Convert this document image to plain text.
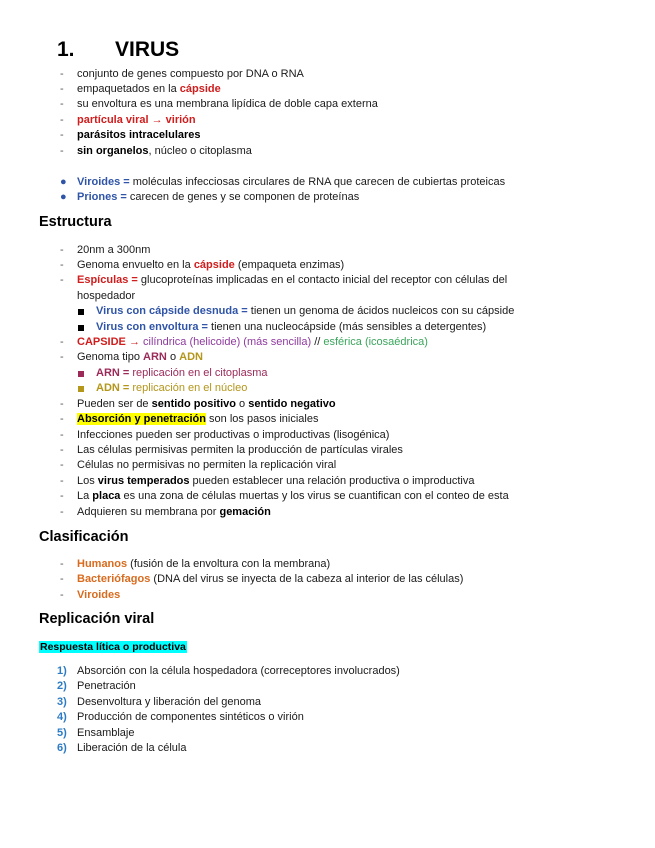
1. VIRUS
- conjunto de genes compuesto por DNA o RNA
- empaquetados en la cápside
- su envoltura es una membrana lipídica de doble capa externa
- partícula viral → virión
- parásitos intracelulares
- sin organelos, núcleo o citoplasma
● Viroides = moléculas infecciosas circulares de RNA que carecen de cubiertas proteicas
● Priones = carecen de genes y se componen de proteínas
Estructura
- 20nm a 300nm
- Genoma envuelto en la cápside (empaqueta enzimas)
- Espículas = glucoproteínas implicadas en el contacto inicial del receptor con células del
hospedador
Virus con cápside desnuda = tienen un genoma de ácidos nucleicos con su cápside
Virus con envoltura = tienen una nucleocápside (más sensibles a detergentes)
- CAPSIDE → cilíndrica (helicoide) (más sencilla) // esférica (icosaédrica)
- Genoma tipo ARN o ADN
ARN = replicación en el citoplasma
ADN = replicación en el núcleo
- Pueden ser de sentido positivo o sentido negativo
- Absorción y penetración son los pasos iniciales
- Infecciones pueden ser productivas o improductivas (lisogénica)
- Las células permisivas permiten la producción de partículas virales
- Células no permisivas no permiten la replicación viral
- Los virus temperados pueden establecer una relación productiva o improductiva
- La placa es una zona de células muertas y los virus se cuantifican con el conteo de esta
- Adquieren su membrana por gemación
Clasificación
- Humanos (fusión de la envoltura con la membrana)
- Bacteriófagos (DNA del virus se inyecta de la cabeza al interior de las células)
- Viroides
Replicación viral
Respuesta lítica o productiva
1) Absorción con la célula hospedadora (correceptores involucrados)
2) Penetración
3) Desenvoltura y liberación del genoma
4) Producción de componentes sintéticos o virión
5) Ensamblaje
6) Liberación de la célula
